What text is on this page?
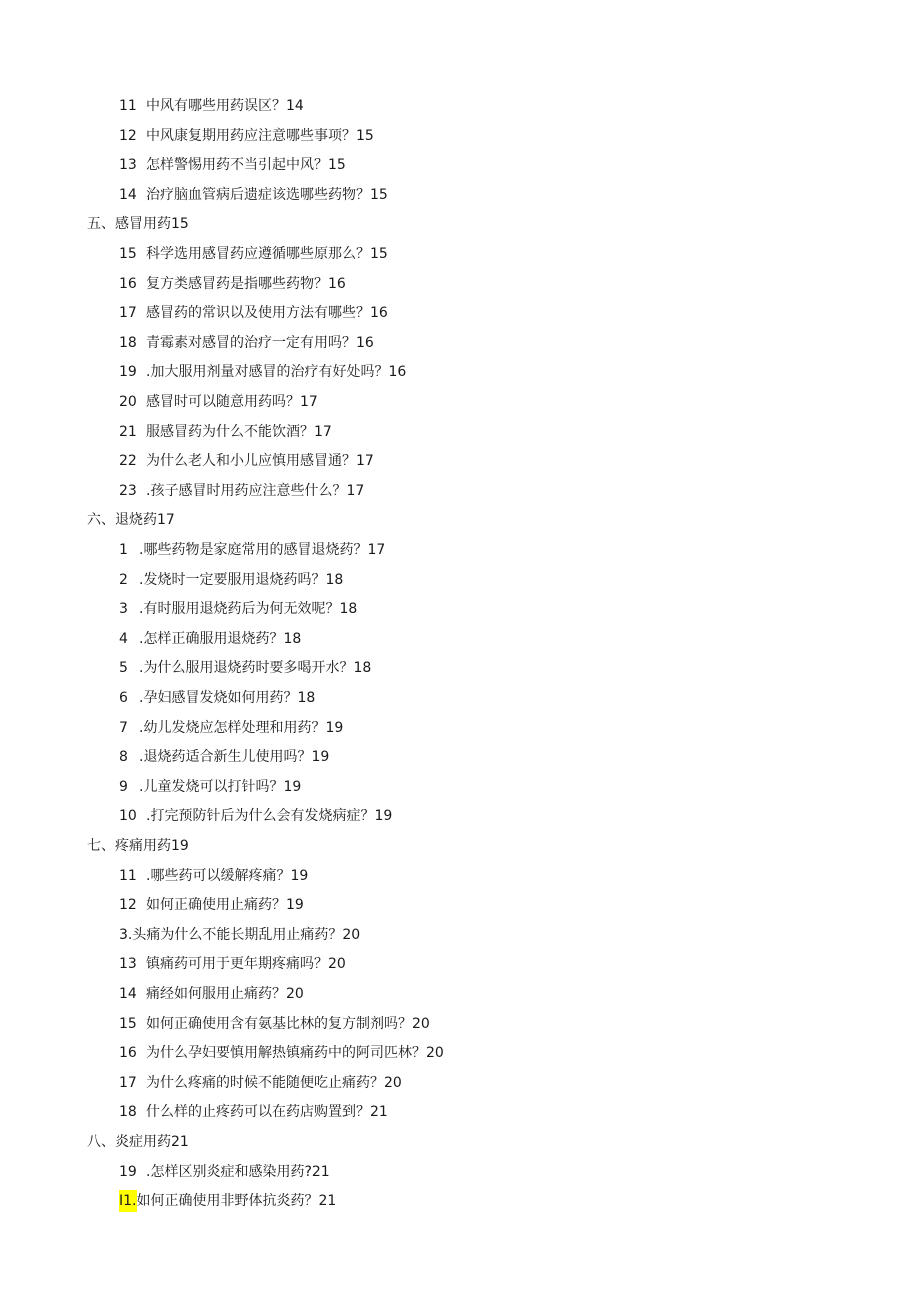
11 中风有哪些用药误区？14
12 中风康复期用药应注意哪些事项？15
13 怎样警惕用药不当引起中风？15
14 治疗脑血管病后遗症该选哪些药物？15
五、感冒用药15
15 科学选用感冒药应遵循哪些原那么？15
16 复方类感冒药是指哪些药物？16
17 感冒药的常识以及使用方法有哪些？16
18 青霉素对感冒的治疗一定有用吗？16
19 .加大服用剂量对感冒的治疗有好处吗？16
20 感冒时可以随意用药吗？17
21 服感冒药为什么不能饮酒？17
22 为什么老人和小儿应慎用感冒通？17
23 .孩子感冒时用药应注意些什么？17
六、退烧药17
1 .哪些药物是家庭常用的感冒退烧药？17
2 .发烧时一定要服用退烧药吗？18
3 .有时服用退烧药后为何无效呢？18
4 .怎样正确服用退烧药？18
5 .为什么服用退烧药时要多喝开水？18
6 .孕妇感冒发烧如何用药？18
7 .幼儿发烧应怎样处理和用药？19
8 .退烧药适合新生儿使用吗？19
9 .儿童发烧可以打针吗？19
10 .打完预防针后为什么会有发烧病症？19
七、疼痛用药19
11 .哪些药可以缓解疼痛？19
12 如何正确使用止痛药？19
3.头痛为什么不能长期乱用止痛药？20
13 镇痛药可用于更年期疼痛吗？20
14 痛经如何服用止痛药？20
15 如何正确使用含有氨基比林的复方制剂吗？20
16 为什么孕妇要慎用解热镇痛药中的阿司匹林？20
17 为什么疼痛的时候不能随便吃止痛药？20
18 什么样的止疼药可以在药店购置到？21
八、炎症用药21
19 .怎样区别炎症和感染用药?21
I1.如何正确使用非野体抗炎药？21
